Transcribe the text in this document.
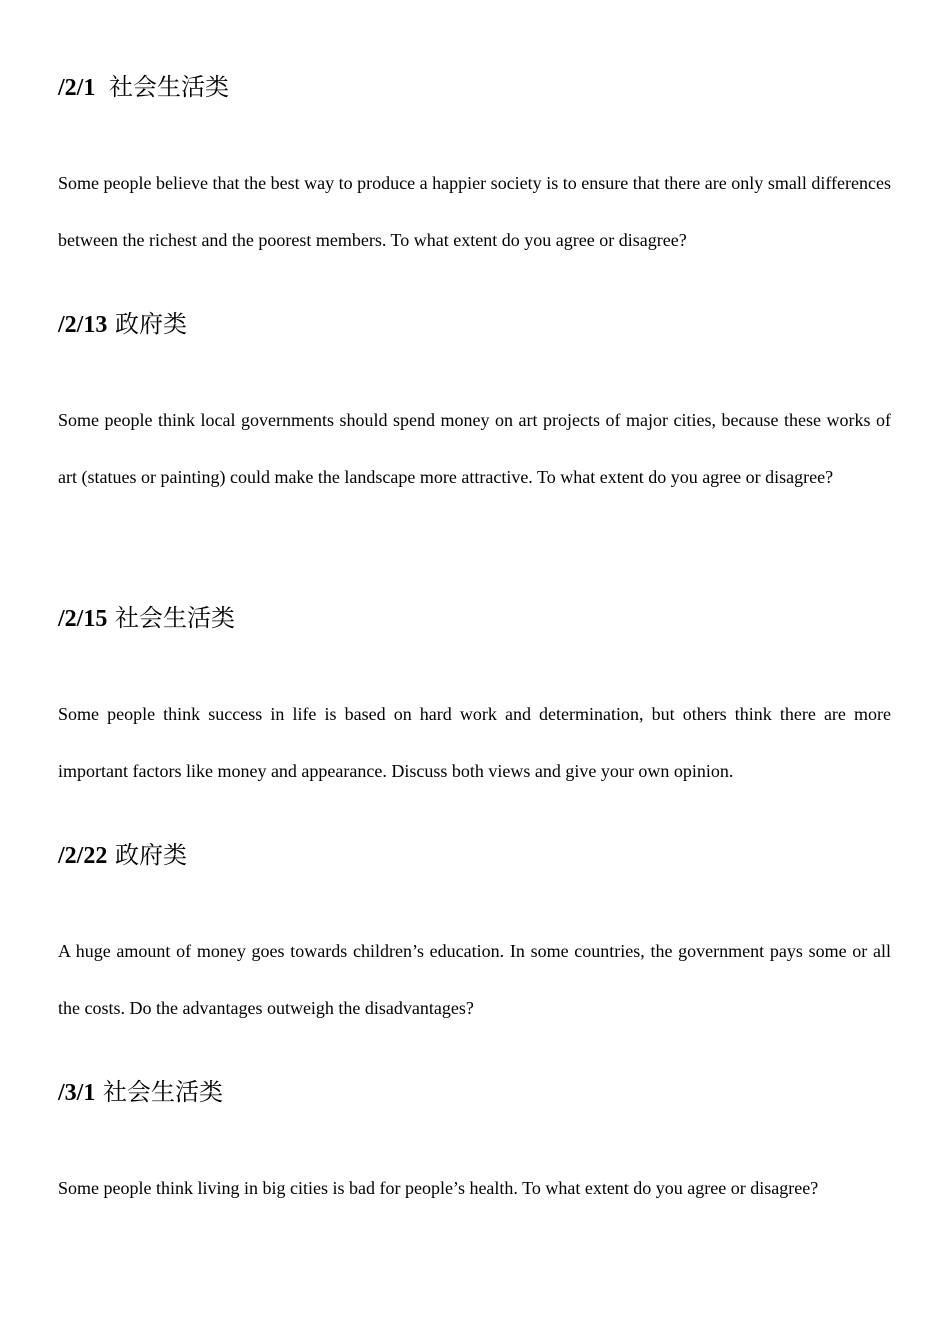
/2/1  社会生活类

Some people believe that the best way to produce a happier society is to ensure that there are only small differences between the richest and the poorest members. To what extent do you agree or disagree?

/2/13 政府类

Some people think local governments should spend money on art projects of major cities, because these works of art (statues or painting) could make the landscape more attractive. To what extent do you agree or disagree?

/2/15 社会生活类

Some people think success in life is based on hard work and determination, but others think there are more important factors like money and appearance. Discuss both views and give your own opinion.

/2/22 政府类

A huge amount of money goes towards children’s education. In some countries, the government pays some or all the costs. Do the advantages outweigh the disadvantages?

/3/1 社会生活类

Some people think living in big cities is bad for people’s health. To what extent do you agree or disagree?
